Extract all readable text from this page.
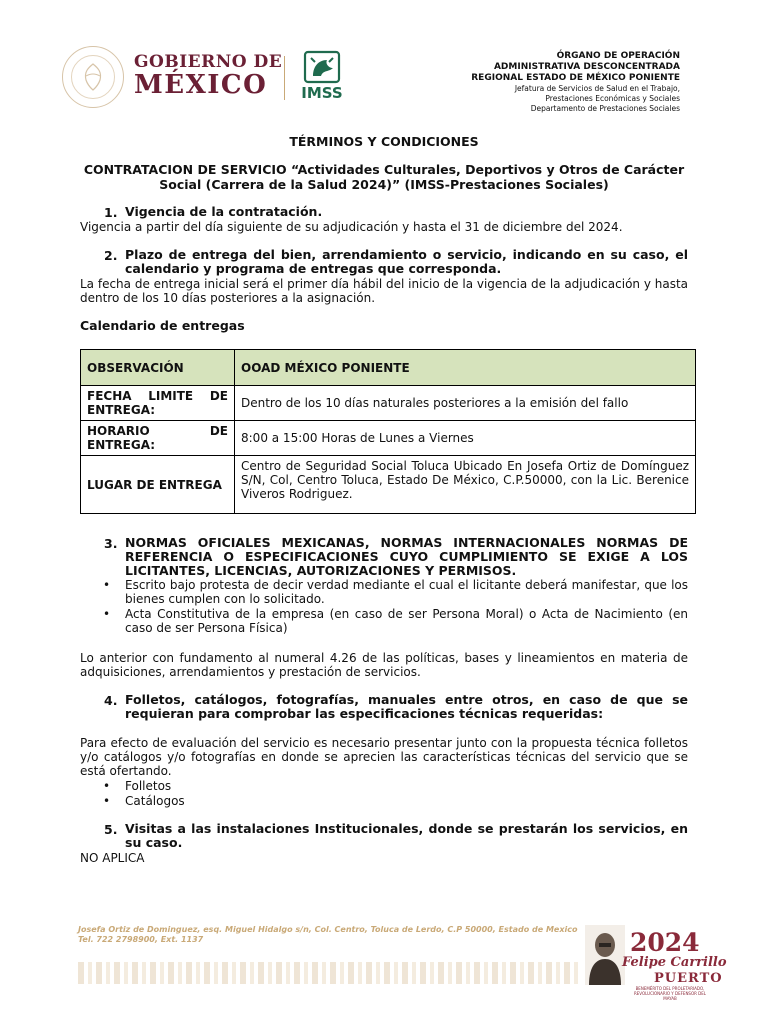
GOBIERNO DE
MÉXICO IMSS
ÓRGANO DE OPERACIÓN
ADMINISTRATIVA DESCONCENTRADA
REGIONAL ESTADO DE MÉXICO PONIENTE
Jefatura de Servicios de Salud en el Trabajo,
Prestaciones Económicas y Sociales
Departamento de Prestaciones Sociales
TÉRMINOS Y CONDICIONES
CONTRATACION DE SERVICIO “Actividades Culturales, Deportivos y Otros de Carácter
Social (Carrera de la Salud 2024)” (IMSS-Prestaciones Sociales)
1. Vigencia de la contratación.
Vigencia a partir del día siguiente de su adjudicación y hasta el 31 de diciembre del 2024.
2. Plazo de entrega del bien, arrendamiento o servicio, indicando en su caso, el calendario y programa de entregas que corresponda.
La fecha de entrega inicial será el primer día hábil del inicio de la vigencia de la adjudicación y hasta dentro de los 10 días posteriores a la asignación.
Calendario de entregas
OBSERVACIÓN	OOAD MÉXICO PONIENTE
FECHA LIMITE DE ENTREGA:	Dentro de los 10 días naturales posteriores a la emisión del fallo
HORARIO DE ENTREGA:	8:00 a 15:00 Horas de Lunes a Viernes
LUGAR DE ENTREGA	Centro de Seguridad Social Toluca Ubicado En Josefa Ortiz de Domínguez S/N, Col, Centro Toluca, Estado De México, C.P.50000, con la Lic. Berenice Viveros Rodriguez.
3. NORMAS OFICIALES MEXICANAS, NORMAS INTERNACIONALES NORMAS DE REFERENCIA O ESPECIFICACIONES CUYO CUMPLIMIENTO SE EXIGE A LOS LICITANTES, LICENCIAS, AUTORIZACIONES Y PERMISOS.
• Escrito bajo protesta de decir verdad mediante el cual el licitante deberá manifestar, que los bienes cumplen con lo solicitado.
• Acta Constitutiva de la empresa (en caso de ser Persona Moral) o Acta de Nacimiento (en caso de ser Persona Física)
Lo anterior con fundamento al numeral 4.26 de las políticas, bases y lineamientos en materia de adquisiciones, arrendamientos y prestación de servicios.
4. Folletos, catálogos, fotografías, manuales entre otros, en caso de que se requieran para comprobar las especificaciones técnicas requeridas:
Para efecto de evaluación del servicio es necesario presentar junto con la propuesta técnica folletos y/o catálogos y/o fotografías en donde se aprecien las características técnicas del servicio que se está ofertando.
• Folletos
• Catálogos
5. Visitas a las instalaciones Institucionales, donde se prestarán los servicios, en su caso.
NO APLICA
Josefa Ortiz de Dominguez, esq. Miguel Hidalgo s/n, Col. Centro, Toluca de Lerdo, C.P 50000, Estado de Mexico Tel. 722 2798900, Ext. 1137	2024
Felipe Carrillo
PUERTO
BENEMÉRITO DEL PROLETARIADO, REVOLUCIONARIO Y DEFENSOR DEL MAYAB
